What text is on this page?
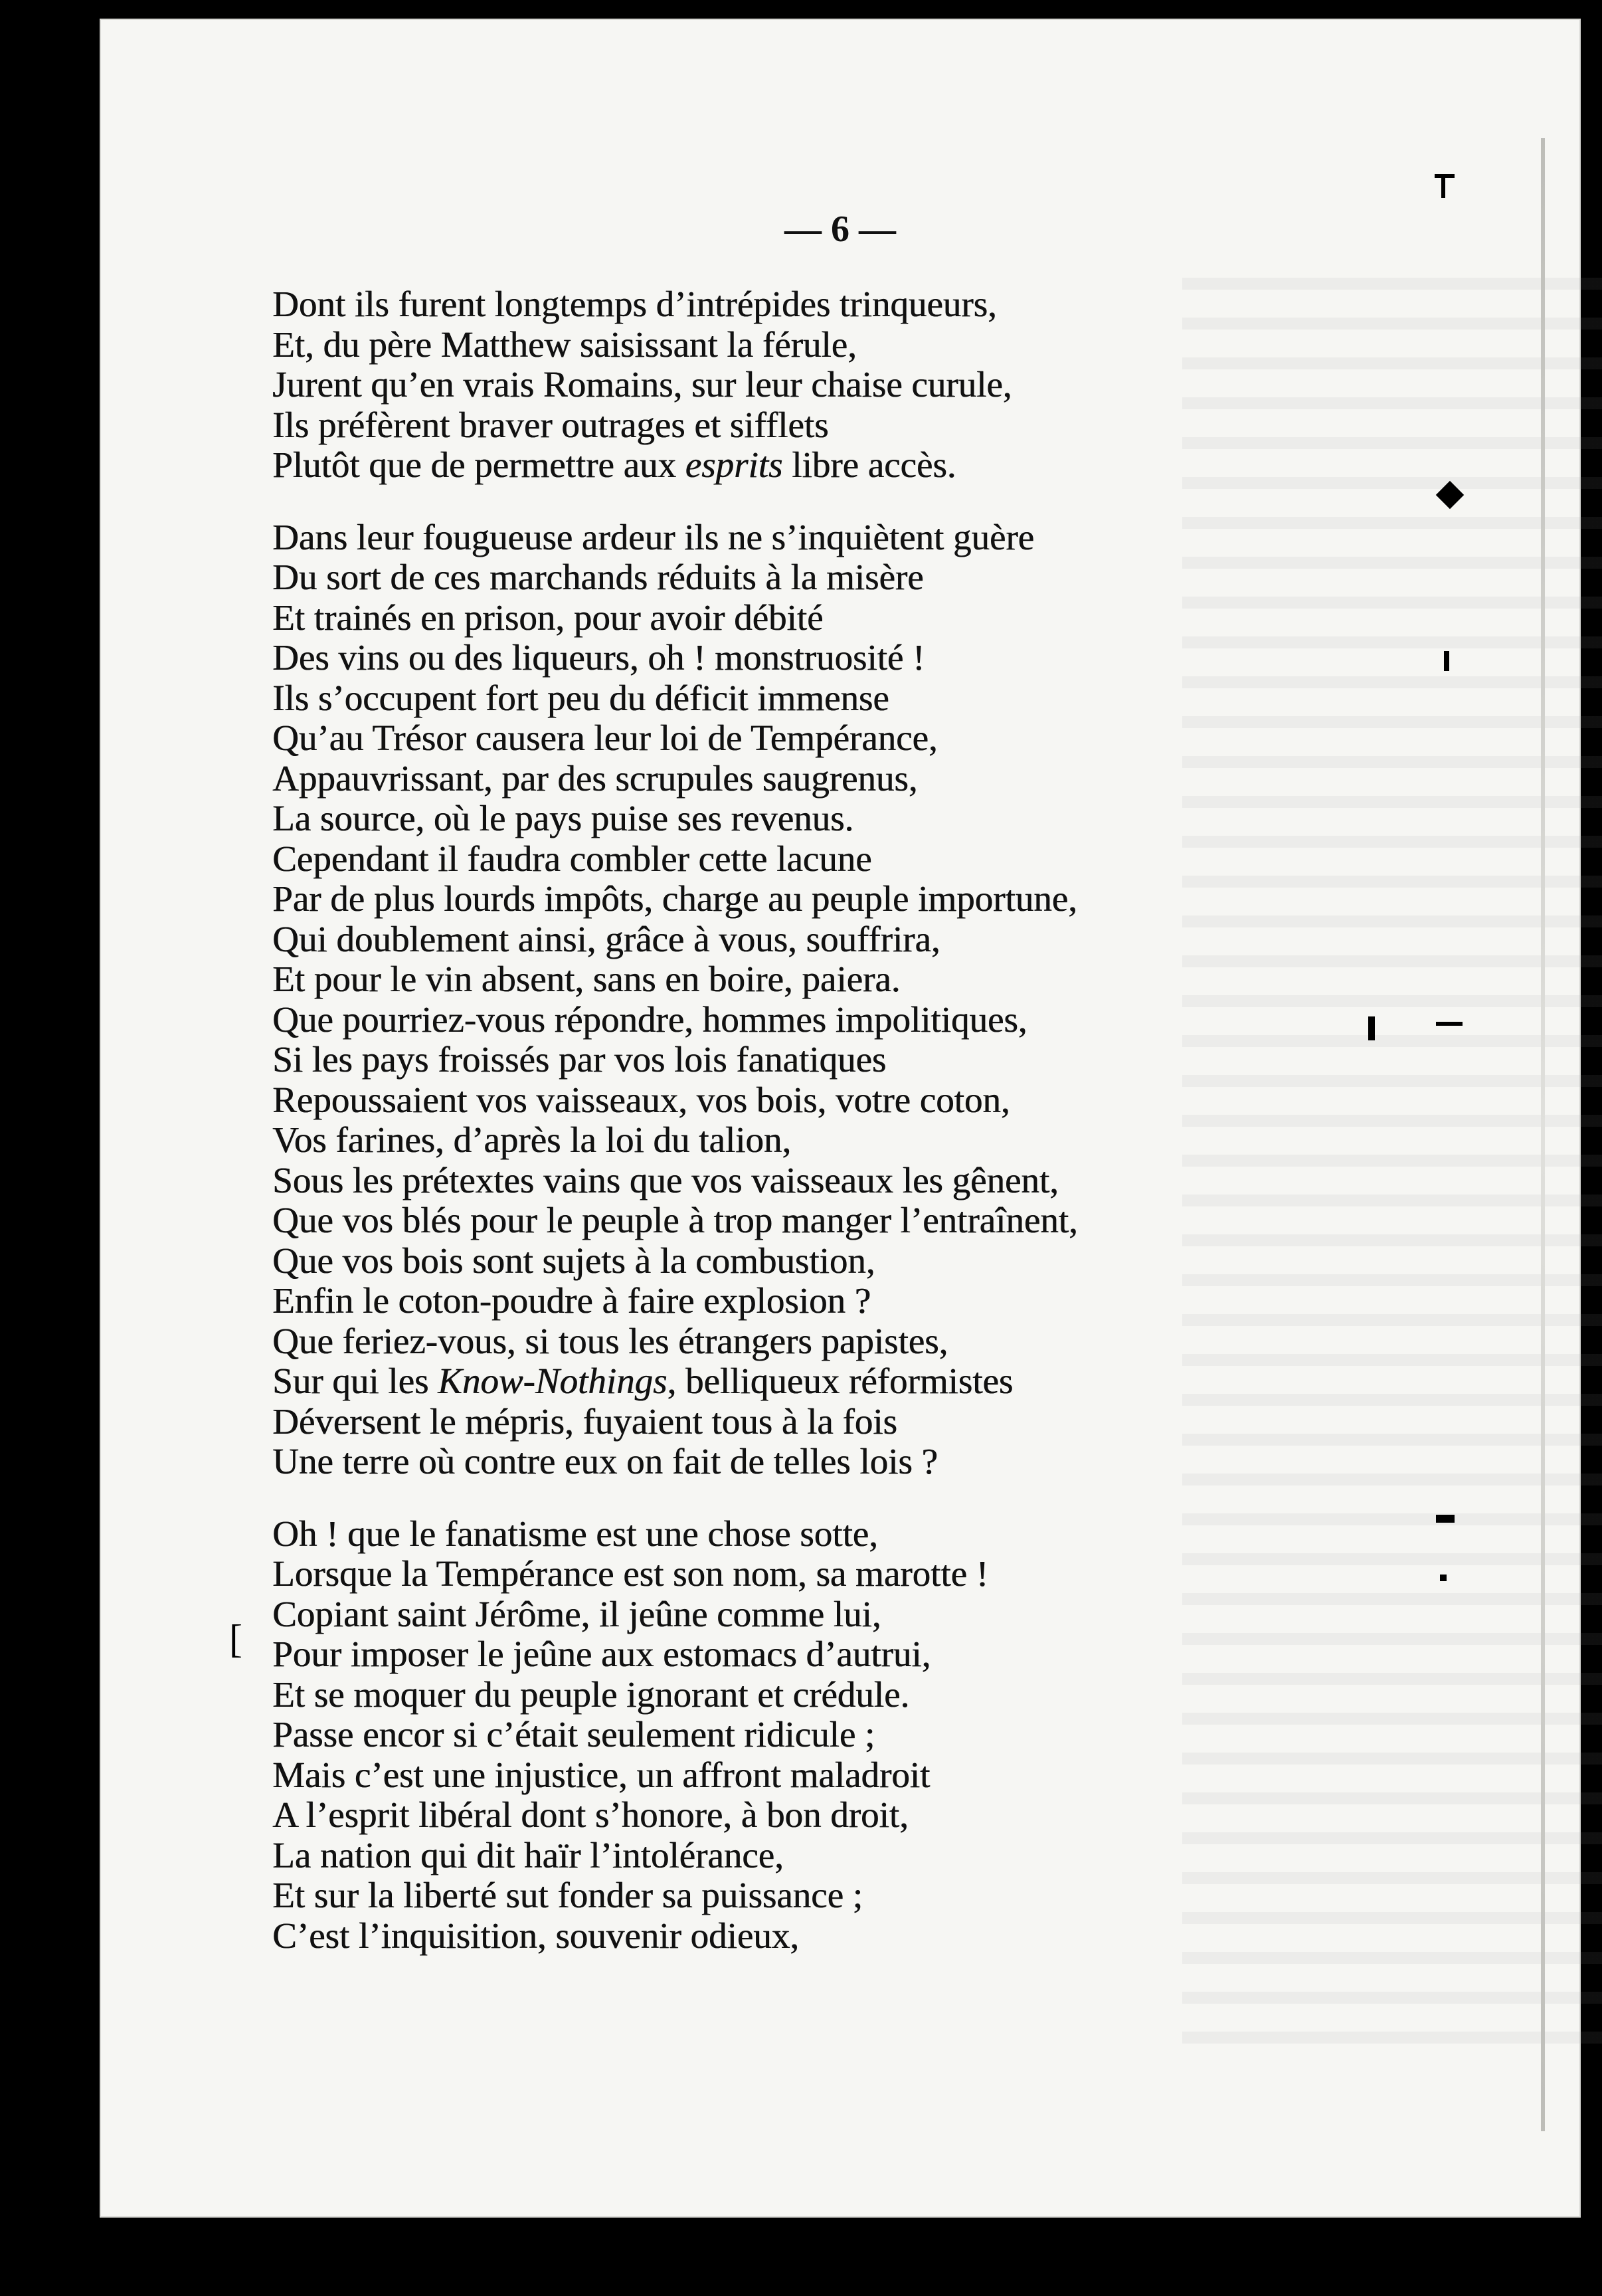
— 6 —
Dont ils furent longtemps d’intrépides trinqueurs,
Et, du père Matthew saisissant la férule,
Jurent qu’en vrais Romains, sur leur chaise curule,
Ils préfèrent braver outrages et sifflets
Plutôt que de permettre aux esprits libre accès.
Dans leur fougueuse ardeur ils ne s’inquiètent guère
Du sort de ces marchands réduits à la misère
Et trainés en prison, pour avoir débité
Des vins ou des liqueurs, oh ! monstruosité !
Ils s’occupent fort peu du déficit immense
Qu’au Trésor causera leur loi de Tempérance,
Appauvrissant, par des scrupules saugrenus,
La source, où le pays puise ses revenus.
Cependant il faudra combler cette lacune
Par de plus lourds impôts, charge au peuple importune,
Qui doublement ainsi, grâce à vous, souffrira,
Et pour le vin absent, sans en boire, paiera.
Que pourriez-vous répondre, hommes impolitiques,
Si les pays froissés par vos lois fanatiques
Repoussaient vos vaisseaux, vos bois, votre coton,
Vos farines, d’après la loi du talion,
Sous les prétextes vains que vos vaisseaux les gênent,
Que vos blés pour le peuple à trop manger l’entraînent,
Que vos bois sont sujets à la combustion,
Enfin le coton-poudre à faire explosion ?
Que feriez-vous, si tous les étrangers papistes,
Sur qui les Know-Nothings, belliqueux réformistes
Déversent le mépris, fuyaient tous à la fois
Une terre où contre eux on fait de telles lois ?
Oh ! que le fanatisme est une chose sotte,
Lorsque la Tempérance est son nom, sa marotte !
Copiant saint Jérôme, il jeûne comme lui,
Pour imposer le jeûne aux estomacs d’autrui,
Et se moquer du peuple ignorant et crédule.
Passe encor si c’était seulement ridicule ;
Mais c’est une injustice, un affront maladroit
A l’esprit libéral dont s’honore, à bon droit,
La nation qui dit haïr l’intolérance,
Et sur la liberté sut fonder sa puissance ;
C’est l’inquisition, souvenir odieux,
[
